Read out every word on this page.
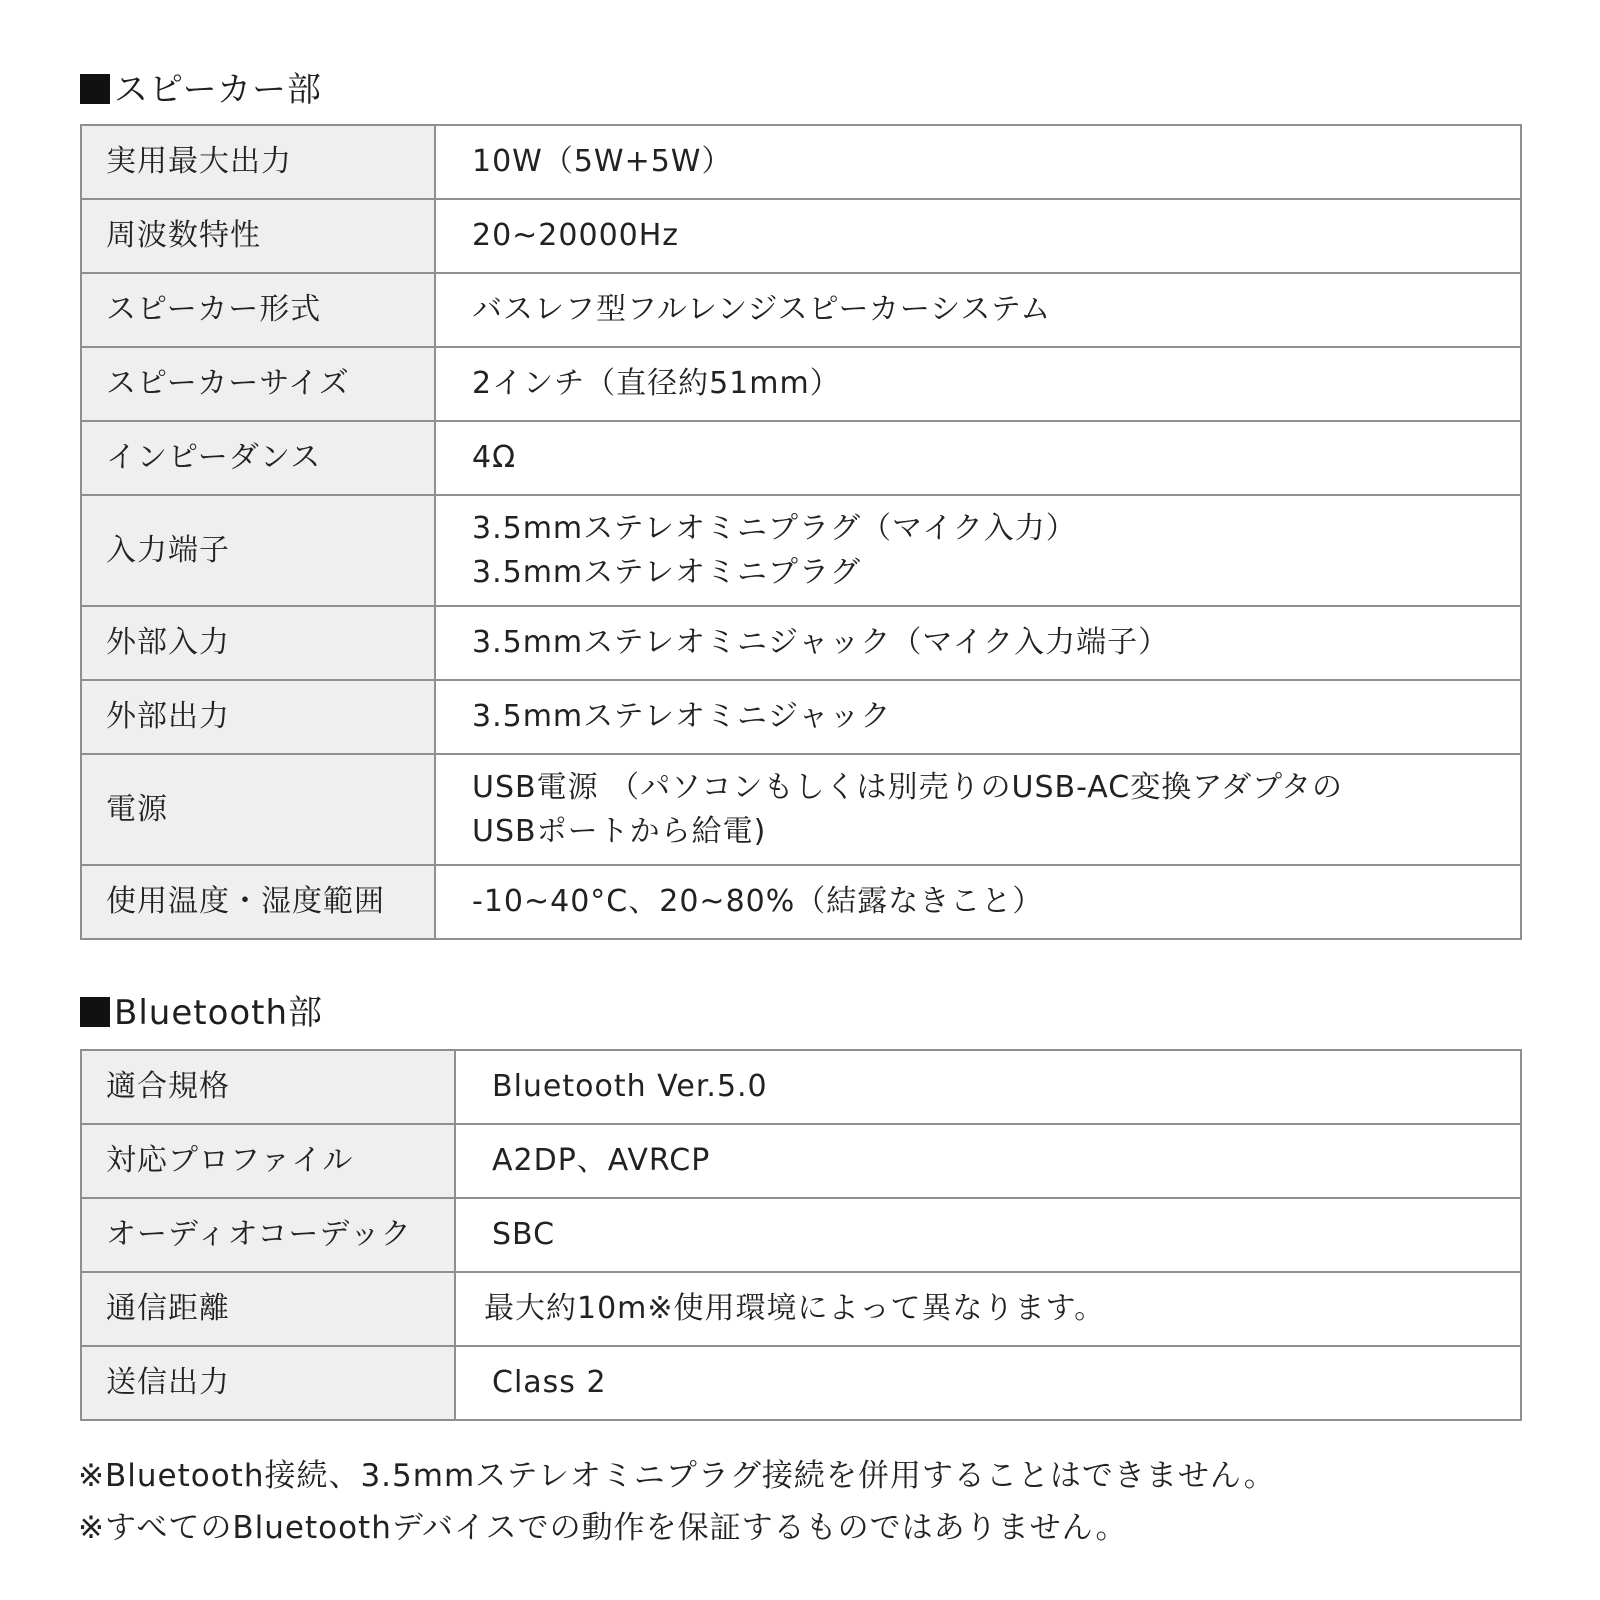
スピーカー部
実用最大出力	10W（5W+5W）

周波数特性	20~20000Hz

スピーカー形式	バスレフ型フルレンジスピーカーシステム

スピーカーサイズ	2インチ（直径約51mm）

インピーダンス	4Ω

入力端子	3.5mmステレオミニプラグ（マイク入力）
3.5mmステレオミニプラグ

外部入力	3.5mmステレオミニジャック（マイク入力端子）

外部出力	3.5mmステレオミニジャック

電源	USB電源 （パソコンもしくは別売りのUSB-AC変換アダプタの
USBポートから給電)

使用温度・湿度範囲	-10~40°C、20~80%（結露なきこと）
Bluetooth部
適合規格	Bluetooth Ver.5.0
対応プロファイル	A2DP、AVRCP
オーディオコーデック	SBC
通信距離	最大約10m※使用環境によって異なります。
送信出力	Class 2

※Bluetooth接続、3.5mmステレオミニプラグ接続を併用することはできません。

※すべてのBluetoothデバイスでの動作を保証するものではありません。
